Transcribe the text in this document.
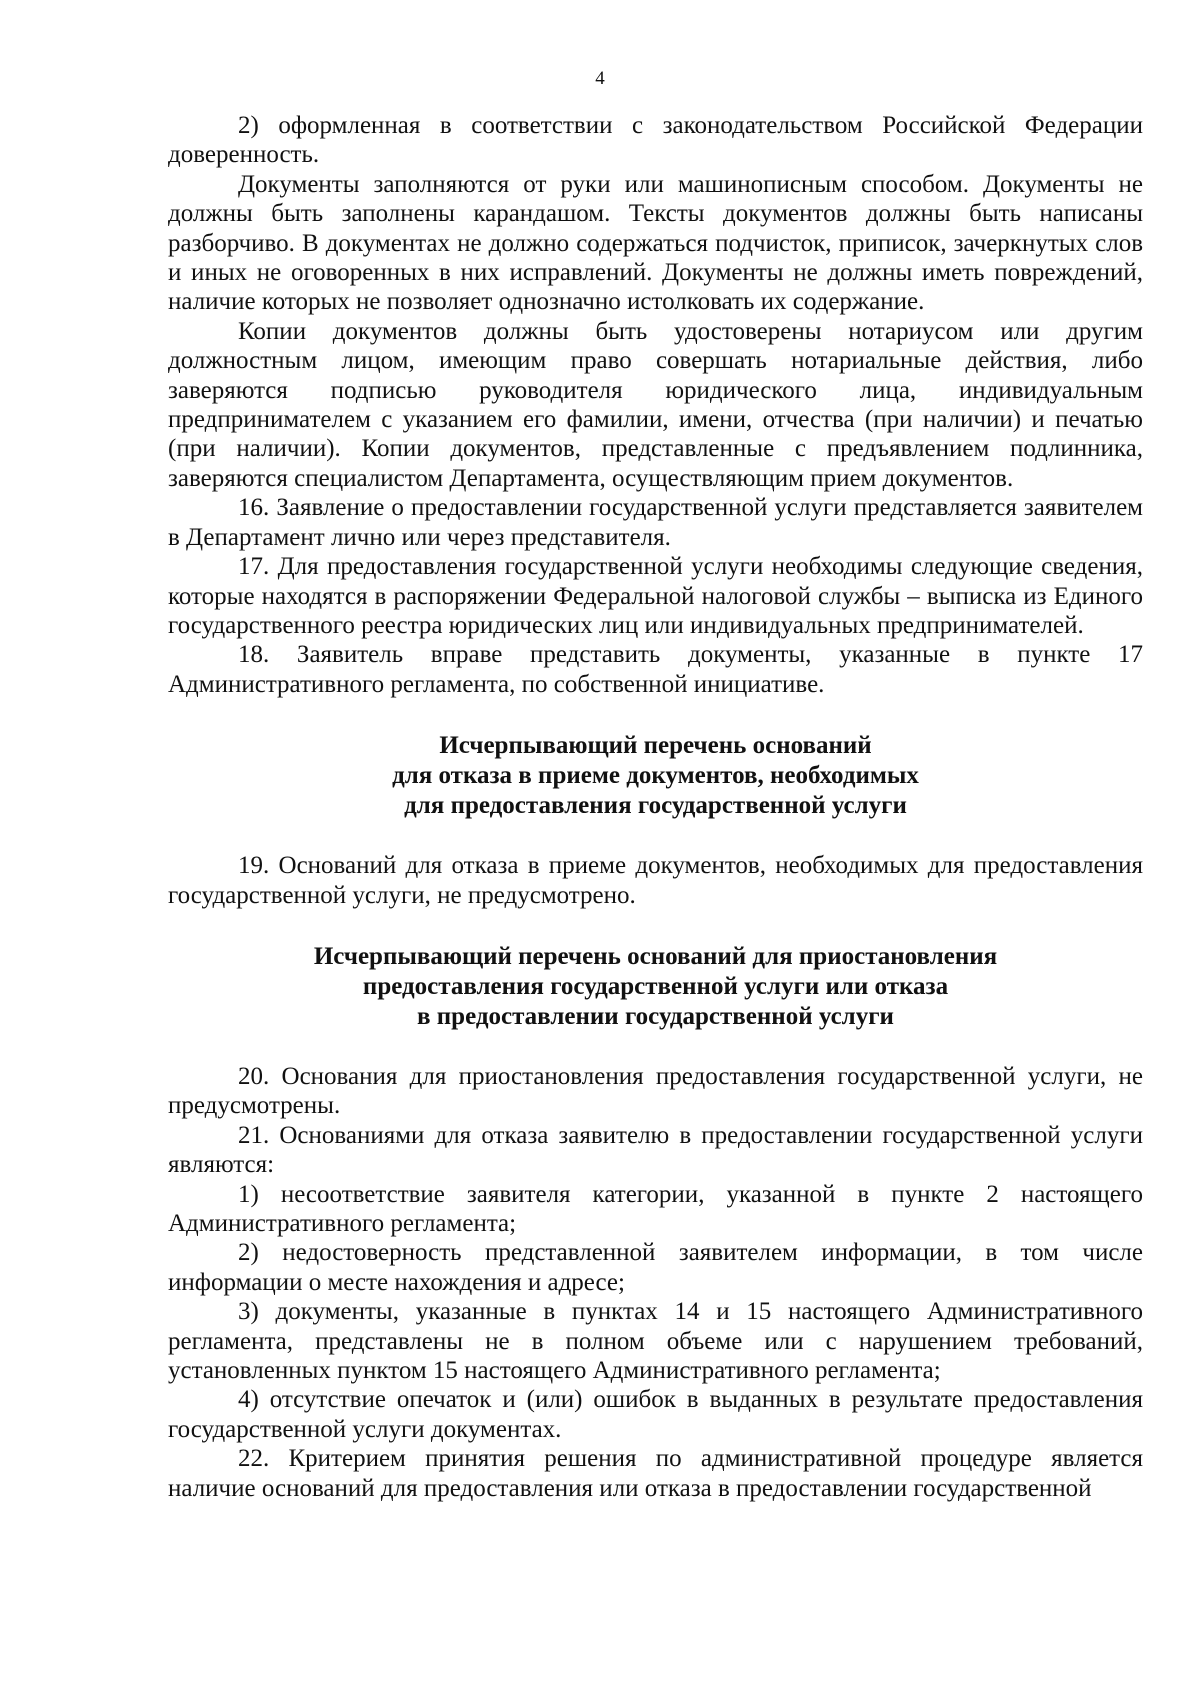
4

2) оформленная в соответствии с законодательством Российской Федерации доверенность.

Документы заполняются от руки или машинописным способом. Документы не должны быть заполнены карандашом. Тексты документов должны быть написаны разборчиво. В документах не должно содержаться подчисток, приписок, зачеркнутых слов и иных не оговоренных в них исправлений. Документы не должны иметь повреждений, наличие которых не позволяет однозначно истолковать их содержание.

Копии документов должны быть удостоверены нотариусом или другим должностным лицом, имеющим право совершать нотариальные действия, либо заверяются подписью руководителя юридического лица, индивидуальным предпринимателем с указанием его фамилии, имени, отчества (при наличии) и печатью (при наличии). Копии документов, представленные с предъявлением подлинника, заверяются специалистом Департамента, осуществляющим прием документов.

16. Заявление о предоставлении государственной услуги представляется заявителем в Департамент лично или через представителя.

17. Для предоставления государственной услуги необходимы следующие сведения, которые находятся в распоряжении Федеральной налоговой службы – выписка из Единого государственного реестра юридических лиц или индивидуальных предпринимателей.

18. Заявитель вправе представить документы, указанные в пункте 17 Административного регламента, по собственной инициативе.

Исчерпывающий перечень оснований

для отказа в приеме документов, необходимых

для предоставления государственной услуги

19. Оснований для отказа в приеме документов, необходимых для предоставления государственной услуги, не предусмотрено.

Исчерпывающий перечень оснований для приостановления

предоставления государственной услуги или отказа

в предоставлении государственной услуги

20. Основания для приостановления предоставления государственной услуги, не предусмотрены.

21. Основаниями для отказа заявителю в предоставлении государственной услуги являются:

1) несоответствие заявителя категории, указанной в пункте 2 настоящего Административного регламента;

2) недостоверность представленной заявителем информации, в том числе информации о месте нахождения и адресе;

3) документы, указанные в пунктах 14 и 15 настоящего Административного регламента, представлены не в полном объеме или с нарушением требований, установленных пунктом 15 настоящего Административного регламента;

4) отсутствие опечаток и (или) ошибок в выданных в результате предоставления государственной услуги документах.

22. Критерием принятия решения по административной процедуре является наличие оснований для предоставления или отказа в предоставлении государственной
